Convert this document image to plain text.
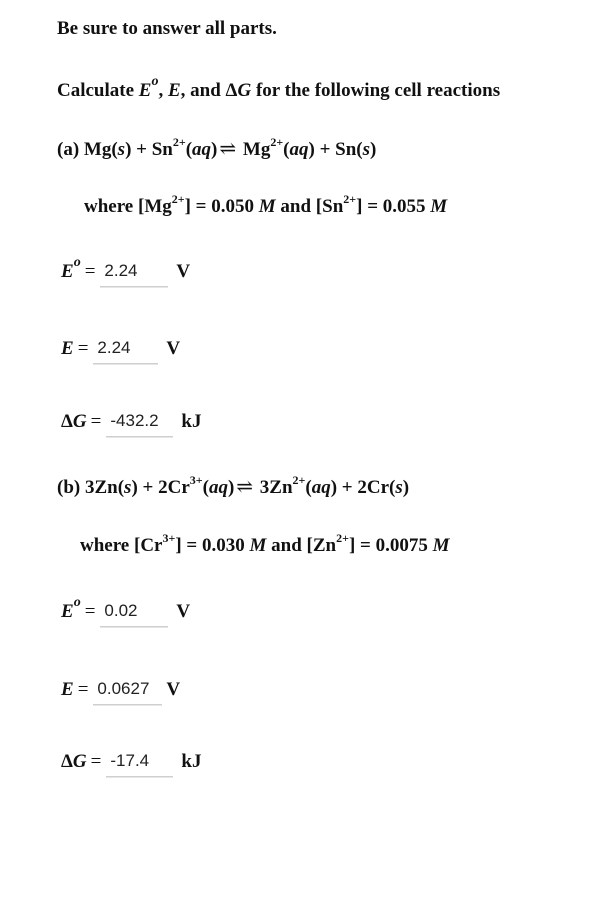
Be sure to answer all parts.
Calculate $E^o$, E, and ΔG for the following cell reactions
(a) $Mg(s) + Sn^{2+}(aq)$ ⇌ $Mg^{2+}(aq) + Sn(s)$
where $[Mg^{2+}] = 0.050$ M and $[Sn^{2+}] = 0.055$ M
$E^o = 2.24$	V
E = 2.24	V
ΔG = -432.2	kJ
(b) $3Zn(s) + 2Cr^{3+}(aq)$ ⇌ $3Zn^{2+}(aq) + 2Cr(s)$
where $[Cr^{3+}] = 0.030$ M and $[Zn^{2+}] = 0.0075$ M
$E^o = 0.02$	V
E = 0.0627 V
ΔG = -17.4	kJ
